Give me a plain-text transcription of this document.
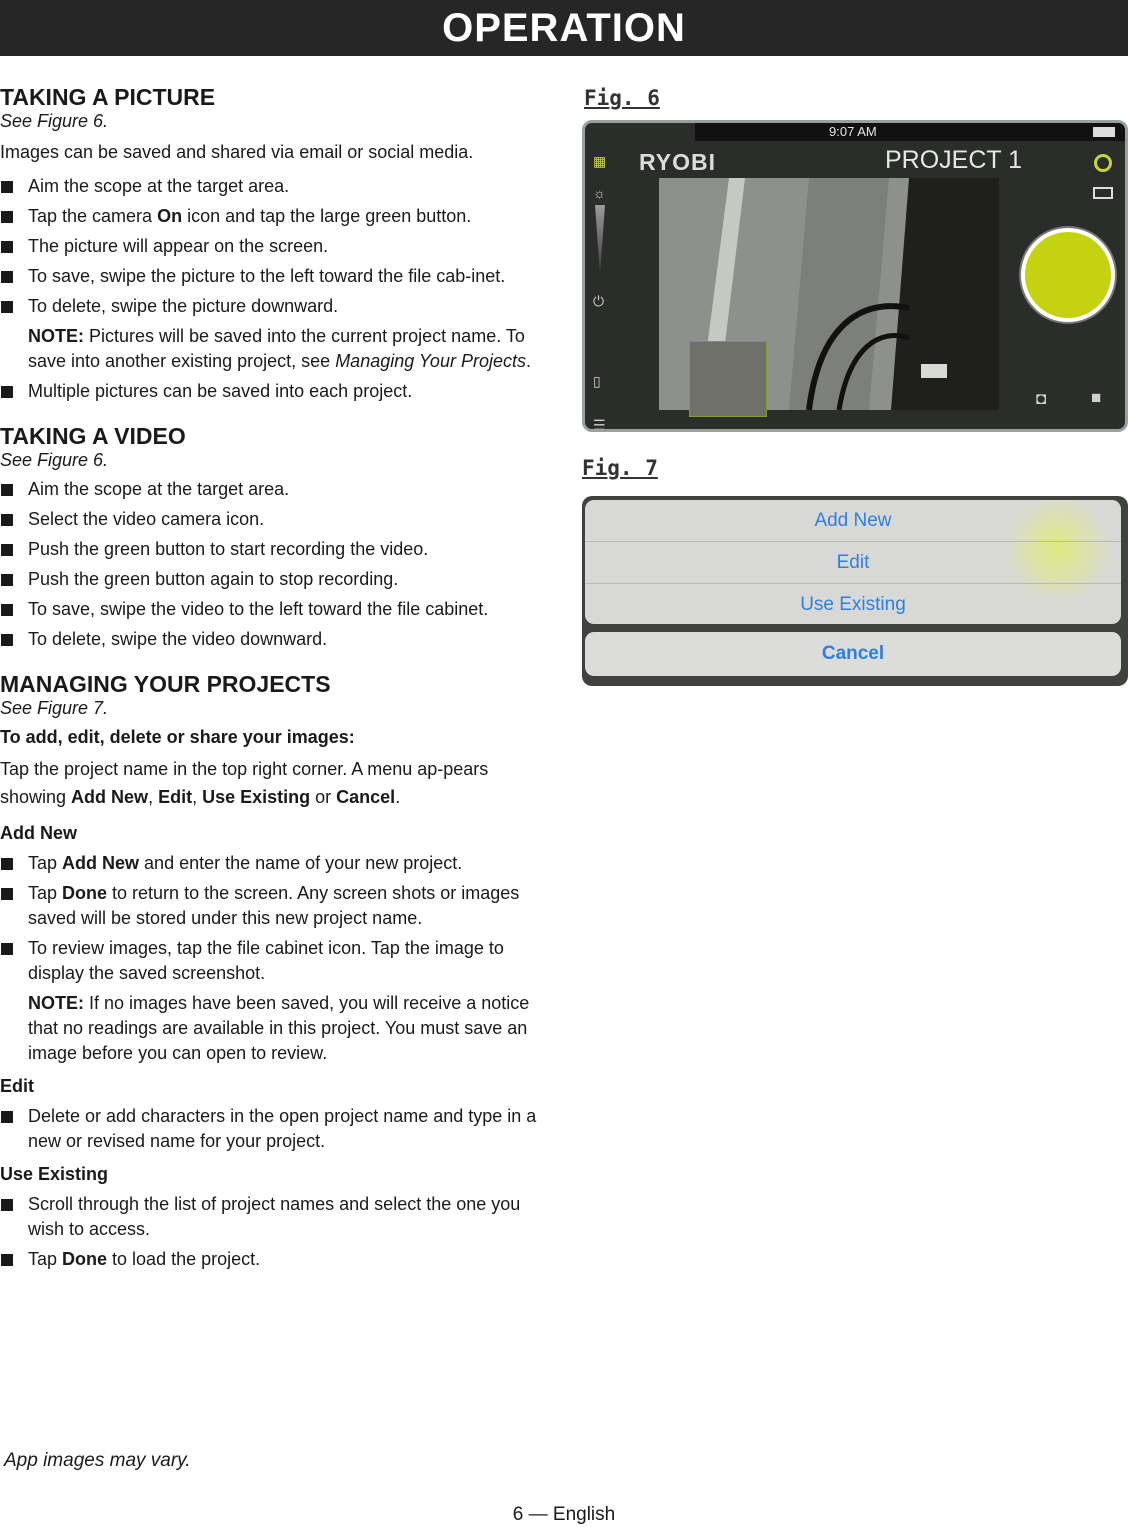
OPERATION
TAKING A PICTURE
See Figure 6.

Images can be saved and shared via email or social media.

Aim the scope at the target area.
Tap the camera On icon and tap the large green button.
The picture will appear on the screen.
To save, swipe the picture to the left toward the file cab-inet.
To delete, swipe the picture downward.
NOTE: Pictures will be saved into the current project name. To save into another existing project, see Managing Your Projects.
Multiple pictures can be saved into each project.
TAKING A VIDEO
See Figure 6.
Aim the scope at the target area.
Select the video camera icon.
Push the green button to start recording the video.
Push the green button again to stop recording.
To save, swipe the video to the left toward the file cabinet.
To delete, swipe the video downward.
MANAGING YOUR PROJECTS
See Figure 7.
To add, edit, delete or share your images:

Tap the project name in the top right corner. A menu ap-pears showing Add New, Edit, Use Existing or Cancel.

Add New
Tap Add New and enter the name of your new project.
Tap Done to return to the screen. Any screen shots or images saved will be stored under this new project name.
To review images, tap the file cabinet icon. Tap the image to display the saved screenshot.
NOTE: If no images have been saved, you will receive a notice that no readings are available in this project. You must save an image before you can open to review.
Edit
Delete or add characters in the open project name and type in a new or revised name for your project.
Use Existing
Scroll through the list of project names and select the one you wish to access.
Tap Done to load the project.
Fig. 6
9:07 AM
▦
☼
⏻
▯
☰
RYOBI	PROJECT 1
◘	■
Fig. 7
Add New
Edit
Use Existing
Cancel
App images may vary.
6 — English
